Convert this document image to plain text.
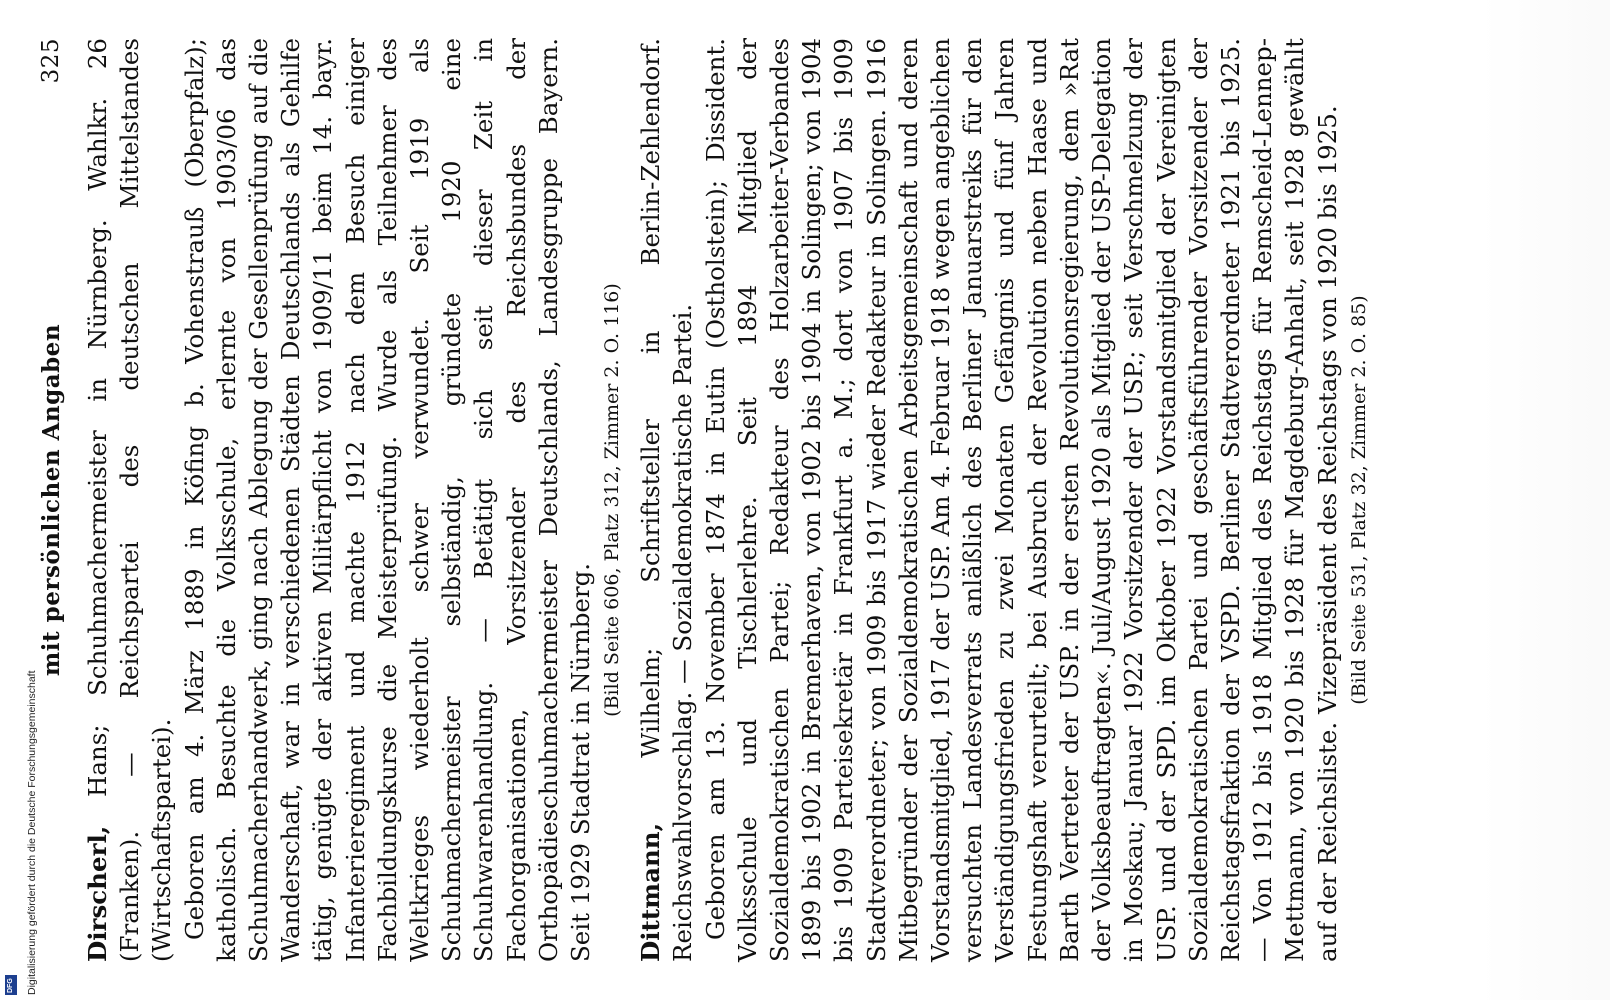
mit persönlichen Angaben
325

Dirscherl, Hans; Schuhmachermeister in Nürnberg. Wahlkr. 26 (Franken). — Reichspartei des deutschen Mittelstandes (Wirtschaftspartei). Geboren am 4. März 1889 in Köfing b. Vohenstrauß (Oberpfalz); katholisch. Besuchte die Volksschule, erlernte von 1903/06 das Schuhmacherhandwerk, ging nach Ablegung der Gesellenprüfung auf die Wanderschaft, war in verschiedenen Städten Deutschlands als Gehilfe tätig, genügte der aktiven Militärpflicht von 1909/11 beim 14. bayr. Infanterieregiment und machte 1912 nach dem Besuch einiger Fachbildungskurse die Meisterprüfung. Wurde als Teilnehmer des Weltkrieges wiederholt schwer verwundet. Seit 1919 als Schuhmachermeister selbständig, gründete 1920 eine Schuhwarenhandlung. — Betätigt sich seit dieser Zeit in Fachorganisationen, Vorsitzender des Reichsbundes der Orthopädieschuhmachermeister Deutschlands, Landesgruppe Bayern. Seit 1929 Stadtrat in Nürnberg.

(Bild Seite 606, Platz 312, Zimmer 2. O. 116)

Dittmann, Wilhelm; Schriftsteller in Berlin-Zehlendorf. Reichswahlvorschlag. — Sozialdemokratische Partei. Geboren am 13. November 1874 in Eutin (Ostholstein); Dissident. Volksschule und Tischlerlehre. Seit 1894 Mitglied der Sozialdemokratischen Partei; Redakteur des Holzarbeiter-Verbandes 1899 bis 1902 in Bremerhaven, von 1902 bis 1904 in Solingen; von 1904 bis 1909 Parteisekretär in Frankfurt a. M.; dort von 1907 bis 1909 Stadtverordneter; von 1909 bis 1917 wieder Redakteur in Solingen. 1916 Mitbegründer der Sozialdemokratischen Arbeitsgemeinschaft und deren Vorstandsmitglied, 1917 der USP. Am 4. Februar 1918 wegen angeblichen versuchten Landesverrats anläßlich des Berliner Januarstreiks für den Verständigungsfrieden zu zwei Monaten Gefängnis und fünf Jahren Festungshaft verurteilt; bei Ausbruch der Revolution neben Haase und Barth Vertreter der USP. in der ersten Revolutionsregierung, dem »Rat der Volksbeauftragten«. Juli/August 1920 als Mitglied der USP-Delegation in Moskau; Januar 1922 Vorsitzender der USP.; seit Verschmelzung der USP. und der SPD. im Oktober 1922 Vorstandsmitglied der Vereinigten Sozialdemokratischen Partei und geschäftsführender Vorsitzender der Reichstagsfraktion der VSPD. Berliner Stadtverordneter 1921 bis 1925. — Von 1912 bis 1918 Mitglied des Reichstags für Remscheid-Lennep-Mettmann, von 1920 bis 1928 für Magdeburg-Anhalt, seit 1928 gewählt auf der Reichsliste. Vizepräsident des Reichstags von 1920 bis 1925. (Bild Seite 531, Platz 32, Zimmer 2. O. 85)
Digitalisierung gefördert durch die Deutsche Forschungsgemeinschaft
DFG
